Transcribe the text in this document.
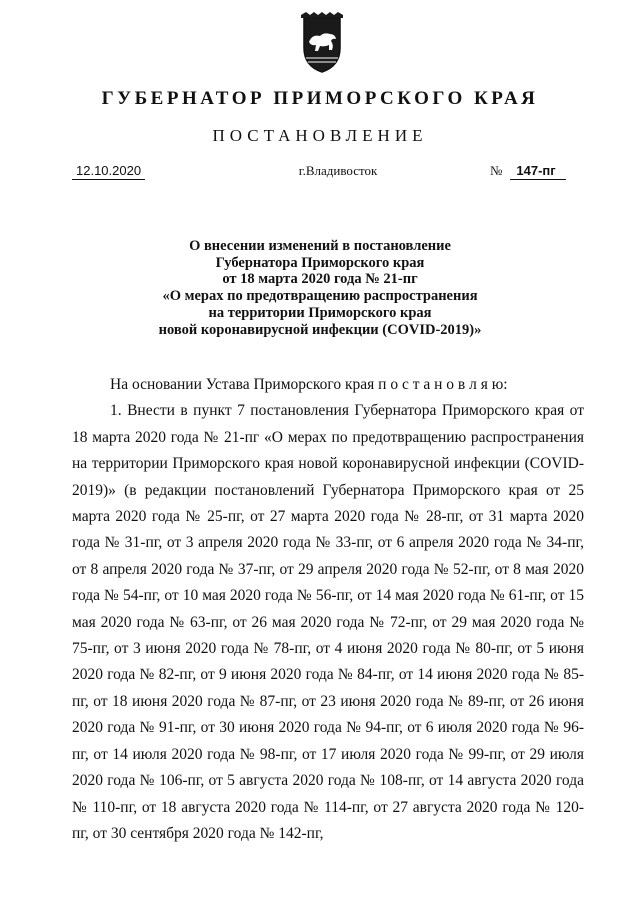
ГУБЕРНАТОР ПРИМОРСКОГО КРАЯ
ПОСТАНОВЛЕНИЕ
12.10.2020	г.Владивосток	№ 147-пг
О внесении изменений в постановление
Губернатора Приморского края
от 18 марта 2020 года № 21-пг
«О мерах по предотвращению распространения
на территории Приморского края
новой коронавирусной инфекции (COVID-2019)»

На основании Устава Приморского края п о с т а н о в л я ю:

1. Внести в пункт 7 постановления Губернатора Приморского края от 18 марта 2020 года № 21-пг «О мерах по предотвращению распространения на территории Приморского края новой коронавирусной инфекции (COVID-2019)» (в редакции постановлений Губернатора Приморского края от 25 марта 2020 года № 25-пг, от 27 марта 2020 года № 28-пг, от 31 марта 2020 года № 31-пг, от 3 апреля 2020 года № 33-пг, от 6 апреля 2020 года № 34-пг, от 8 апреля 2020 года № 37-пг, от 29 апреля 2020 года № 52-пг, от 8 мая 2020 года № 54-пг, от 10 мая 2020 года № 56-пг, от 14 мая 2020 года № 61-пг, от 15 мая 2020 года № 63-пг, от 26 мая 2020 года № 72-пг, от 29 мая 2020 года № 75-пг, от 3 июня 2020 года № 78-пг, от 4 июня 2020 года № 80-пг, от 5 июня 2020 года № 82-пг, от 9 июня 2020 года № 84-пг, от 14 июня 2020 года № 85-пг, от 18 июня 2020 года № 87-пг, от 23 июня 2020 года № 89-пг, от 26 июня 2020 года № 91-пг, от 30 июня 2020 года № 94-пг, от 6 июля 2020 года № 96-пг, от 14 июля 2020 года № 98-пг, от 17 июля 2020 года № 99-пг, от 29 июля 2020 года № 106-пг, от 5 августа 2020 года № 108-пг, от 14 августа 2020 года № 110-пг, от 18 августа 2020 года № 114-пг, от 27 августа 2020 года № 120-пг, от 30 сентября 2020 года № 142-пг,
